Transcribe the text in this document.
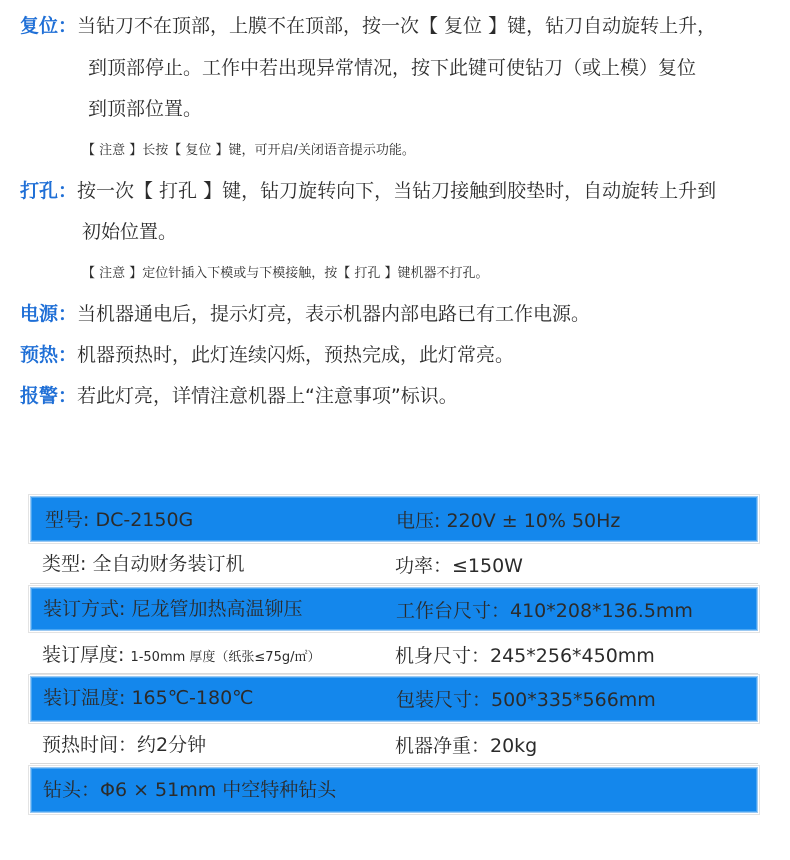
复位：当钻刀不在顶部，上膜不在顶部，按一次【 复位 】键，钻刀自动旋转上升，
到顶部停止。工作中若出现异常情况，按下此键可使钻刀（或上模）复位
到顶部位置。
【 注意 】长按【 复位 】键，可开启/关闭语音提示功能。
打孔：按一次【 打孔 】键，钻刀旋转向下，当钻刀接触到胶垫时，自动旋转上升到
初始位置。
【 注意 】定位针插入下模或与下模接触，按【 打孔 】键机器不打孔。
电源：当机器通电后，提示灯亮，表示机器内部电路已有工作电源。
预热：机器预热时，此灯连续闪烁，预热完成，此灯常亮。
报警：若此灯亮，详情注意机器上“注意事项”标识。
型号: DC-2150G	电压: 220V ± 10% 50Hz
类型: 全自动财务装订机	功率：≤150W
装订方式: 尼龙管加热高温铆压	工作台尺寸：410*208*136.5mm
装订厚度: 1-50mm 厚度（纸张≤75g/㎡）	机身尺寸：245*256*450mm
装订温度: 165℃-180℃	包装尺寸：500*335*566mm
预热时间：约2分钟	机器净重：20kg
钻头：Φ6 × 51mm 中空特种钻头
